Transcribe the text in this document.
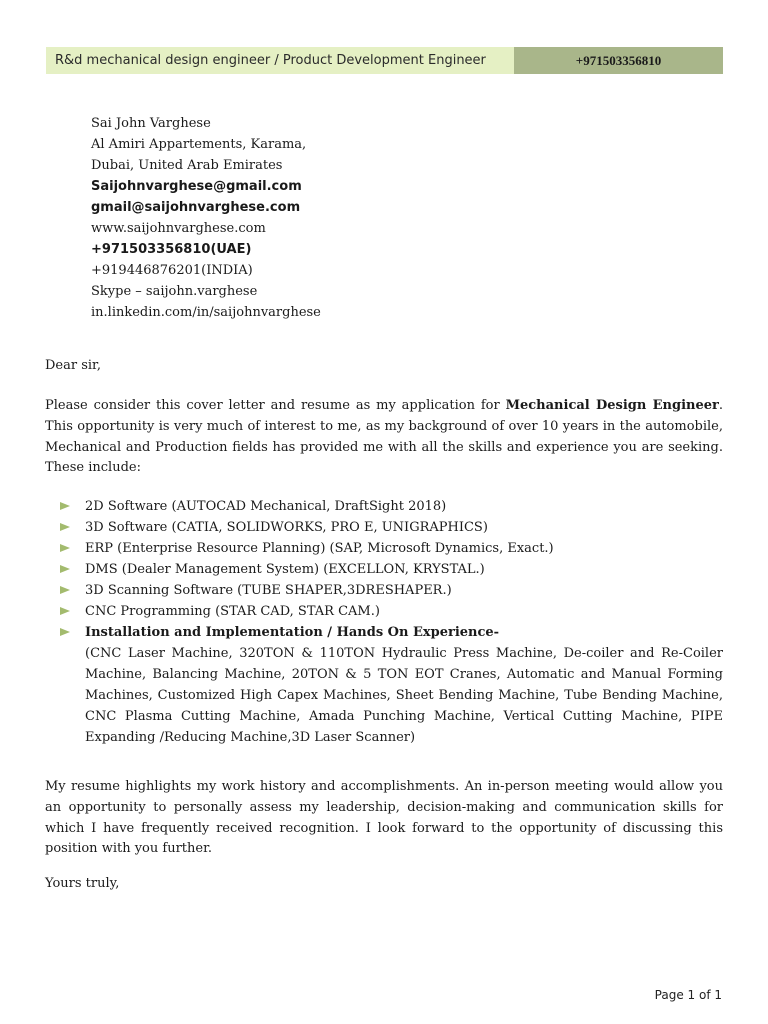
R&d mechanical design engineer / Product Development Engineer	+971503356810
Sai John Varghese
Al Amiri Appartements, Karama,
Dubai, United Arab Emirates
Saijohnvarghese@gmail.com
gmail@saijohnvarghese.com
www.saijohnvarghese.com
+971503356810(UAE)
+919446876201(INDIA)
Skype – saijohn.varghese
in.linkedin.com/in/saijohnvarghese
Dear sir,
Please consider this cover letter and resume as my application for Mechanical Design Engineer. This opportunity is very much of interest to me, as my background of over 10 years in the automobile, Mechanical and Production fields has provided me with all the skills and experience you are seeking. These include:
2D Software (AUTOCAD Mechanical, DraftSight 2018)
3D Software (CATIA, SOLIDWORKS, PRO E, UNIGRAPHICS)
ERP (Enterprise Resource Planning) (SAP, Microsoft Dynamics, Exact.)
DMS (Dealer Management System) (EXCELLON, KRYSTAL.)
3D Scanning Software (TUBE SHAPER,3DRESHAPER.)
CNC Programming (STAR CAD, STAR CAM.)
Installation and Implementation / Hands On Experience-
(CNC Laser Machine, 320TON & 110TON Hydraulic Press Machine, De-coiler and Re-Coiler Machine, Balancing Machine, 20TON & 5 TON EOT Cranes, Automatic and Manual Forming Machines, Customized High Capex Machines, Sheet Bending Machine, Tube Bending Machine, CNC Plasma Cutting Machine, Amada Punching Machine, Vertical Cutting Machine, PIPE Expanding /Reducing Machine,3D Laser Scanner)
My resume highlights my work history and accomplishments. An in-person meeting would allow you an opportunity to personally assess my leadership, decision-making and communication skills for which I have frequently received recognition. I look forward to the opportunity of discussing this position with you further.
Yours truly,
Page 1 of 1
